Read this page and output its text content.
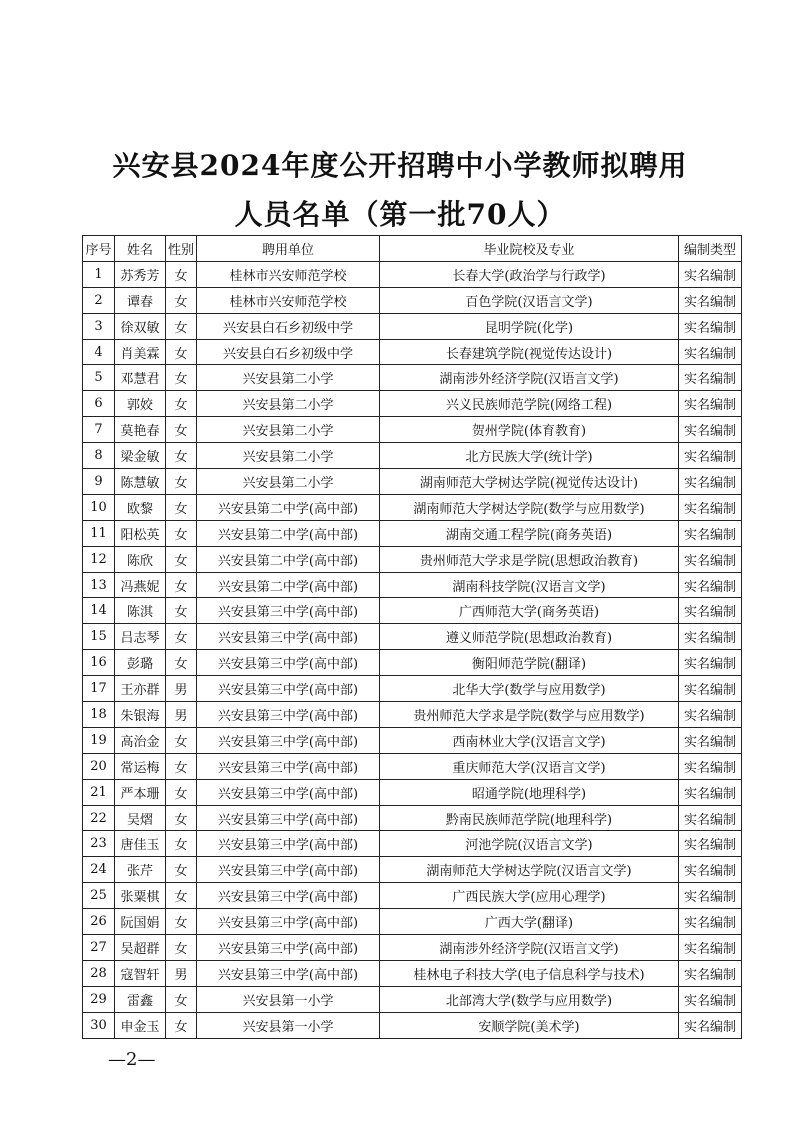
兴安县2024年度公开招聘中小学教师拟聘用
人员名单（第一批70人）
序号	姓名	性别	聘用单位	毕业院校及专业	编制类型
1	苏秀芳	女	桂林市兴安师范学校	长春大学(政治学与行政学)	实名编制
2	谭春	女	桂林市兴安师范学校	百色学院(汉语言文学)	实名编制
3	徐双敏	女	兴安县白石乡初级中学	昆明学院(化学)	实名编制
4	肖美霖	女	兴安县白石乡初级中学	长春建筑学院(视觉传达设计)	实名编制
5	邓慧君	女	兴安县第二小学	湖南涉外经济学院(汉语言文学)	实名编制
6	郭姣	女	兴安县第二小学	兴义民族师范学院(网络工程)	实名编制
7	莫艳春	女	兴安县第二小学	贺州学院(体育教育)	实名编制
8	梁金敏	女	兴安县第二小学	北方民族大学(统计学)	实名编制
9	陈慧敏	女	兴安县第二小学	湖南师范大学树达学院(视觉传达设计)	实名编制
10	欧黎	女	兴安县第二中学(高中部)	湖南师范大学树达学院(数学与应用数学)	实名编制
11	阳松英	女	兴安县第二中学(高中部)	湖南交通工程学院(商务英语)	实名编制
12	陈欣	女	兴安县第二中学(高中部)	贵州师范大学求是学院(思想政治教育)	实名编制
13	冯燕妮	女	兴安县第二中学(高中部)	湖南科技学院(汉语言文学)	实名编制
14	陈淇	女	兴安县第三中学(高中部)	广西师范大学(商务英语)	实名编制
15	吕志琴	女	兴安县第三中学(高中部)	遵义师范学院(思想政治教育)	实名编制
16	彭璐	女	兴安县第三中学(高中部)	衡阳师范学院(翻译)	实名编制
17	王亦群	男	兴安县第三中学(高中部)	北华大学(数学与应用数学)	实名编制
18	朱银海	男	兴安县第三中学(高中部)	贵州师范大学求是学院(数学与应用数学)	实名编制
19	高治金	女	兴安县第三中学(高中部)	西南林业大学(汉语言文学)	实名编制
20	常运梅	女	兴安县第三中学(高中部)	重庆师范大学(汉语言文学)	实名编制
21	严本珊	女	兴安县第三中学(高中部)	昭通学院(地理科学)	实名编制
22	吴熠	女	兴安县第三中学(高中部)	黔南民族师范学院(地理科学)	实名编制
23	唐佳玉	女	兴安县第三中学(高中部)	河池学院(汉语言文学)	实名编制
24	张芹	女	兴安县第三中学(高中部)	湖南师范大学树达学院(汉语言文学)	实名编制
25	张粟棋	女	兴安县第三中学(高中部)	广西民族大学(应用心理学)	实名编制
26	阮国娟	女	兴安县第三中学(高中部)	广西大学(翻译)	实名编制
27	吴超群	女	兴安县第三中学(高中部)	湖南涉外经济学院(汉语言文学)	实名编制
28	寇智轩	男	兴安县第三中学(高中部)	桂林电子科技大学(电子信息科学与技术)	实名编制
29	雷鑫	女	兴安县第一小学	北部湾大学(数学与应用数学)	实名编制
30	申金玉	女	兴安县第一小学	安顺学院(美术学)	实名编制
—2—
